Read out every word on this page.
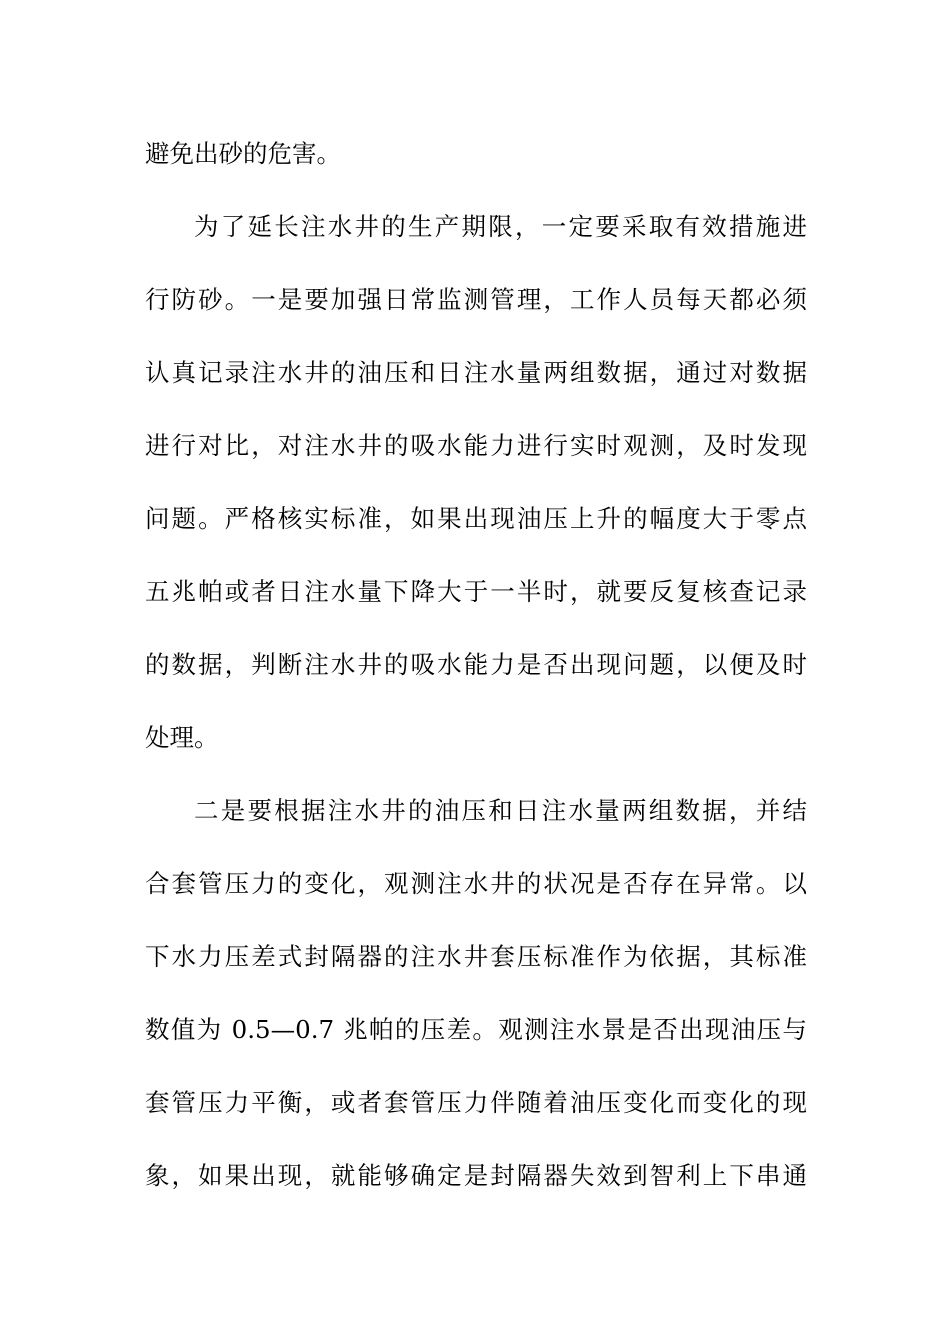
避免出砂的危害。
为了延长注水井的生产期限，一定要采取有效措施进
行防砂。一是要加强日常监测管理，工作人员每天都必须
认真记录注水井的油压和日注水量两组数据，通过对数据
进行对比，对注水井的吸水能力进行实时观测，及时发现
问题。严格核实标准，如果出现油压上升的幅度大于零点
五兆帕或者日注水量下降大于一半时，就要反复核查记录
的数据，判断注水井的吸水能力是否出现问题，以便及时
处理。
二是要根据注水井的油压和日注水量两组数据，并结
合套管压力的变化，观测注水井的状况是否存在异常。以
下水力压差式封隔器的注水井套压标准作为依据，其标准
数值为 0.5—0.7 兆帕的压差。观测注水景是否出现油压与
套管压力平衡，或者套管压力伴随着油压变化而变化的现
象，如果出现，就能够确定是封隔器失效到智利上下串通
